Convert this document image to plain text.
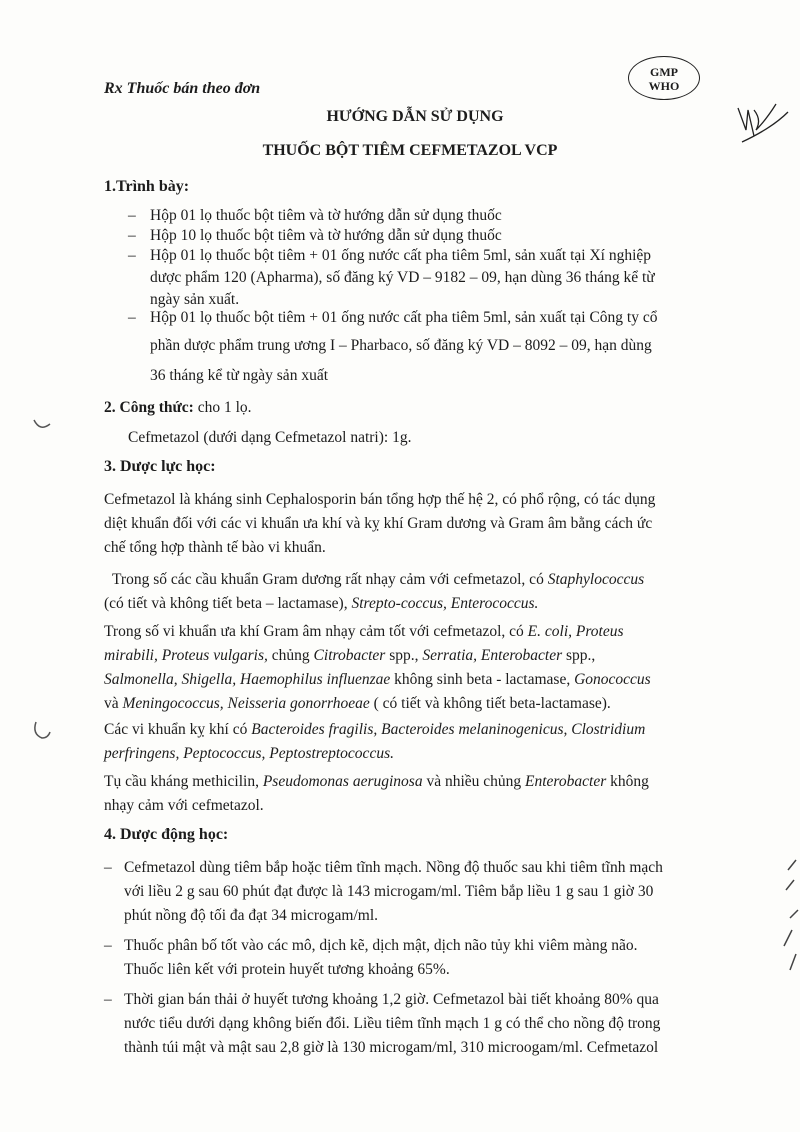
Rx Thuốc bán theo đơn
GMP
WHO
HƯỚNG DẪN SỬ DỤNG
THUỐC BỘT TIÊM CEFMETAZOL VCP
1.Trình bày:
– Hộp 01 lọ thuốc bột tiêm và tờ hướng dẫn sử dụng thuốc
– Hộp 10 lọ thuốc bột tiêm và tờ hướng dẫn sử dụng thuốc
– Hộp 01 lọ thuốc bột tiêm + 01 ống nước cất pha tiêm 5ml, sản xuất tại Xí nghiệp
dược phẩm 120 (Apharma), số đăng ký VD – 9182 – 09, hạn dùng 36 tháng kể từ
ngày sản xuất.
– Hộp 01 lọ thuốc bột tiêm + 01 ống nước cất pha tiêm 5ml, sản xuất tại Công ty cổ
phần dược phẩm trung ương I – Pharbaco, số đăng ký VD – 8092 – 09, hạn dùng
36 tháng kể từ ngày sản xuất
2. Công thức: cho 1 lọ.
Cefmetazol (dưới dạng Cefmetazol natri): 1g.
3. Dược lực học:
Cefmetazol là kháng sinh Cephalosporin bán tổng hợp thế hệ 2, có phổ rộng, có tác dụng
diệt khuẩn đối với các vi khuẩn ưa khí và kỵ khí Gram dương và Gram âm bằng cách ức
chế tổng hợp thành tế bào vi khuẩn.
Trong số các cầu khuẩn Gram dương rất nhạy cảm với cefmetazol, có Staphylococcus
(có tiết và không tiết beta – lactamase), Strepto-coccus, Enterococcus.
Trong số vi khuẩn ưa khí Gram âm nhạy cảm tốt với cefmetazol, có E. coli, Proteus
mirabili, Proteus vulgaris, chủng Citrobacter spp., Serratia, Enterobacter spp.,
Salmonella, Shigella, Haemophilus influenzae không sinh beta - lactamase, Gonococcus
và Meningococcus, Neisseria gonorrhoeae ( có tiết và không tiết beta-lactamase).
Các vi khuẩn kỵ khí có Bacteroides fragilis, Bacteroides melaninogenicus, Clostridium
perfringens, Peptococcus, Peptostreptococcus.
Tụ cầu kháng methicilin, Pseudomonas aeruginosa và nhiều chủng Enterobacter không
nhạy cảm với cefmetazol.
4. Dược động học:
– Cefmetazol dùng tiêm bắp hoặc tiêm tĩnh mạch. Nồng độ thuốc sau khi tiêm tĩnh mạch
với liều 2 g sau 60 phút đạt được là 143 microgam/ml. Tiêm bắp liều 1 g sau 1 giờ 30
phút nồng độ tối đa đạt 34 microgam/ml.
– Thuốc phân bố tốt vào các mô, dịch kẽ, dịch mật, dịch não tủy khi viêm màng não.
Thuốc liên kết với protein huyết tương khoảng 65%.
– Thời gian bán thải ở huyết tương khoảng 1,2 giờ. Cefmetazol bài tiết khoảng 80% qua
nước tiểu dưới dạng không biến đổi. Liều tiêm tĩnh mạch 1 g có thể cho nồng độ trong
thành túi mật và mật sau 2,8 giờ là 130 microgam/ml, 310 microogam/ml. Cefmetazol
